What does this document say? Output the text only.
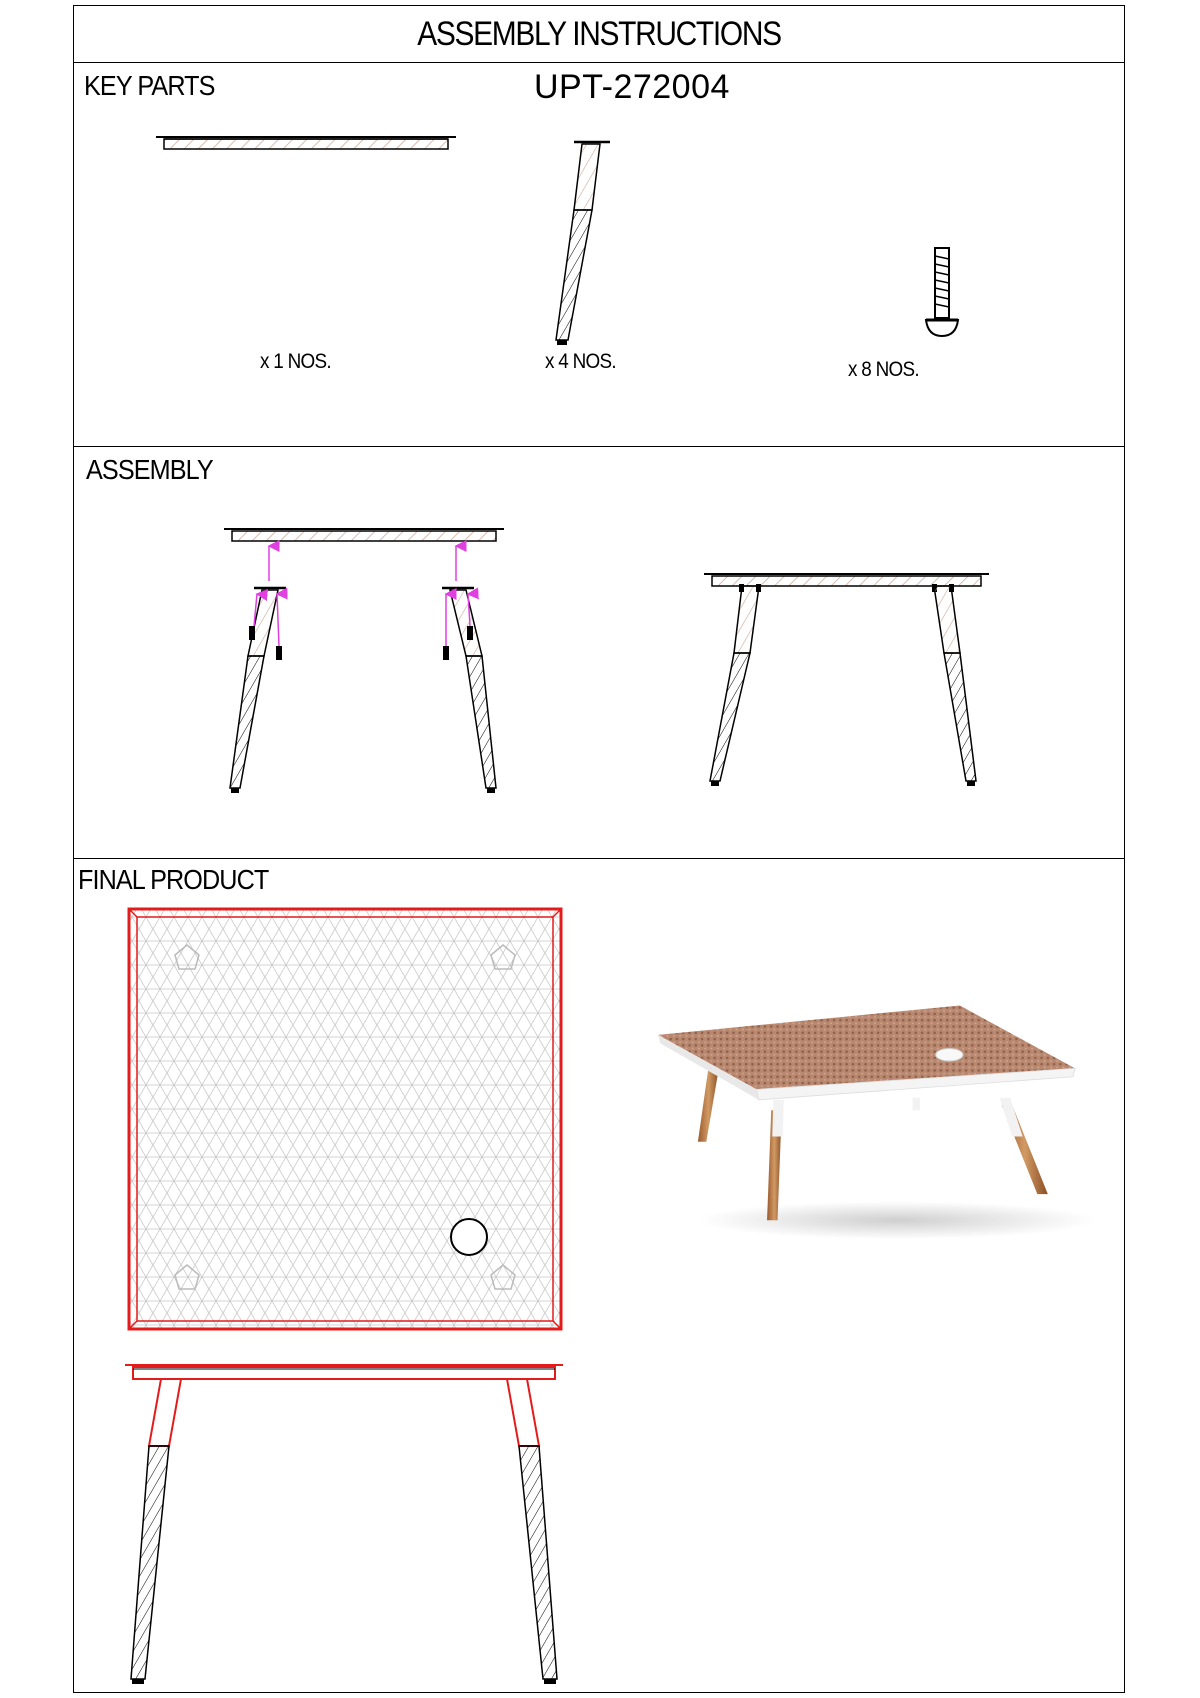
ASSEMBLY INSTRUCTIONS
KEY PARTS	UPT-272004
x 1 NOS.	x 4 NOS.	x 8 NOS.
ASSEMBLY
FINAL PRODUCT
